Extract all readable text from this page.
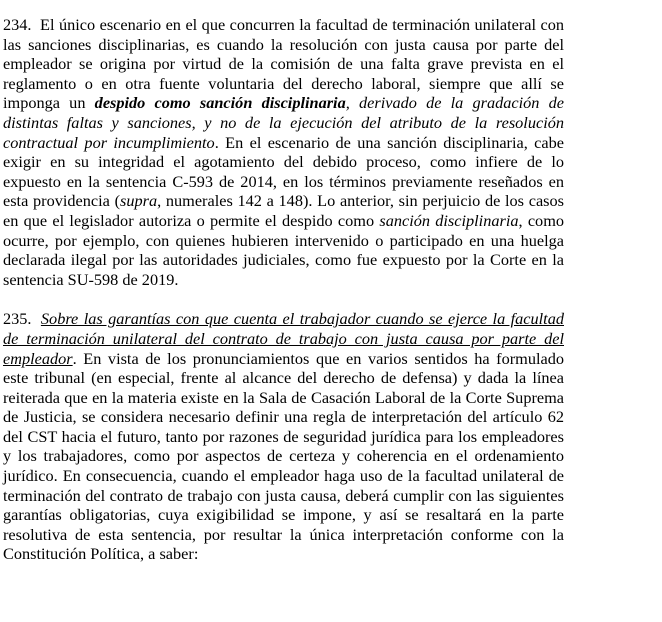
234. El único escenario en el que concurren la facultad de terminación unilateral con las sanciones disciplinarias, es cuando la resolución con justa causa por parte del empleador se origina por virtud de la comisión de una falta grave prevista en el reglamento o en otra fuente voluntaria del derecho laboral, siempre que allí se imponga un despido como sanción disciplinaria, derivado de la gradación de distintas faltas y sanciones, y no de la ejecución del atributo de la resolución contractual por incumplimiento. En el escenario de una sanción disciplinaria, cabe exigir en su integridad el agotamiento del debido proceso, como infiere de lo expuesto en la sentencia C-593 de 2014, en los términos previamente reseñados en esta providencia (supra, numerales 142 a 148). Lo anterior, sin perjuicio de los casos en que el legislador autoriza o permite el despido como sanción disciplinaria, como ocurre, por ejemplo, con quienes hubieren intervenido o participado en una huelga declarada ilegal por las autoridades judiciales, como fue expuesto por la Corte en la sentencia SU-598 de 2019.

235. Sobre las garantías con que cuenta el trabajador cuando se ejerce la facultad de terminación unilateral del contrato de trabajo con justa causa por parte del empleador. En vista de los pronunciamientos que en varios sentidos ha formulado este tribunal (en especial, frente al alcance del derecho de defensa) y dada la línea reiterada que en la materia existe en la Sala de Casación Laboral de la Corte Suprema de Justicia, se considera necesario definir una regla de interpretación del artículo 62 del CST hacia el futuro, tanto por razones de seguridad jurídica para los empleadores y los trabajadores, como por aspectos de certeza y coherencia en el ordenamiento jurídico. En consecuencia, cuando el empleador haga uso de la facultad unilateral de terminación del contrato de trabajo con justa causa, deberá cumplir con las siguientes garantías obligatorias, cuya exigibilidad se impone, y así se resaltará en la parte resolutiva de esta sentencia, por resultar la única interpretación conforme con la Constitución Política, a saber:
